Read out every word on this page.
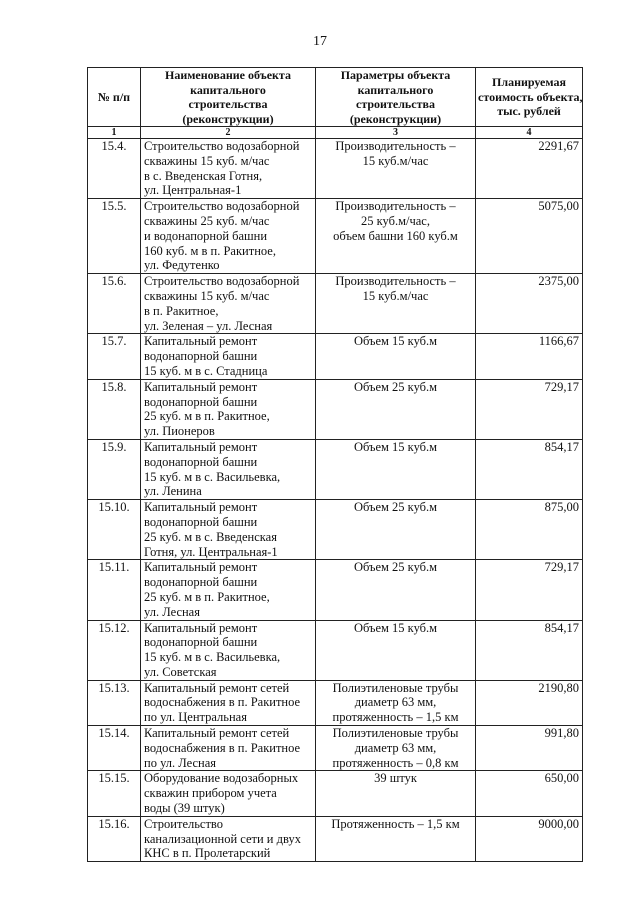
17
№ п/п	Наименование объекта
капитального
строительства
(реконструкции)	Параметры объекта
капитального
строительства
(реконструкции)	Планируемая
стоимость объекта,
тыс. рублей

1	2	3	4
15.4.	Строительство водозаборной
скважины 15 куб. м/час
в с. Введенская Готня,
ул. Центральная-1	Производительность –
15 куб.м/час	2291,67
15.5.	Строительство водозаборной
скважины 25 куб. м/час
и водонапорной башни
160 куб. м в п. Ракитное,
ул. Федутенко	Производительность –
25 куб.м/час,
объем башни 160 куб.м	5075,00
15.6.	Строительство водозаборной
скважины 15 куб. м/час
в п. Ракитное,
ул. Зеленая – ул. Лесная	Производительность –
15 куб.м/час	2375,00
15.7.	Капитальный ремонт
водонапорной башни
15 куб. м в с. Стадница	Объем 15 куб.м	1166,67
15.8.	Капитальный ремонт
водонапорной башни
25 куб. м в п. Ракитное,
ул. Пионеров	Объем 25 куб.м	729,17
15.9.	Капитальный ремонт
водонапорной башни
15 куб. м в с. Васильевка,
ул. Ленина	Объем 15 куб.м	854,17
15.10.	Капитальный ремонт
водонапорной башни
25 куб. м в с. Введенская
Готня, ул. Центральная-1	Объем 25 куб.м	875,00
15.11.	Капитальный ремонт
водонапорной башни
25 куб. м в п. Ракитное,
ул. Лесная	Объем 25 куб.м	729,17
15.12.	Капитальный ремонт
водонапорной башни
15 куб. м в с. Васильевка,
ул. Советская	Объем 15 куб.м	854,17
15.13.	Капитальный ремонт сетей
водоснабжения в п. Ракитное
по ул. Центральная	Полиэтиленовые трубы
диаметр 63 мм,
протяженность – 1,5 км	2190,80
15.14.	Капитальный ремонт сетей
водоснабжения в п. Ракитное
по ул. Лесная	Полиэтиленовые трубы
диаметр 63 мм,
протяженность – 0,8 км	991,80
15.15.	Оборудование водозаборных
скважин прибором учета
воды (39 штук)	39 штук	650,00
15.16.	Строительство
канализационной сети и двух
КНС в п. Пролетарский	Протяженность – 1,5 км	9000,00
